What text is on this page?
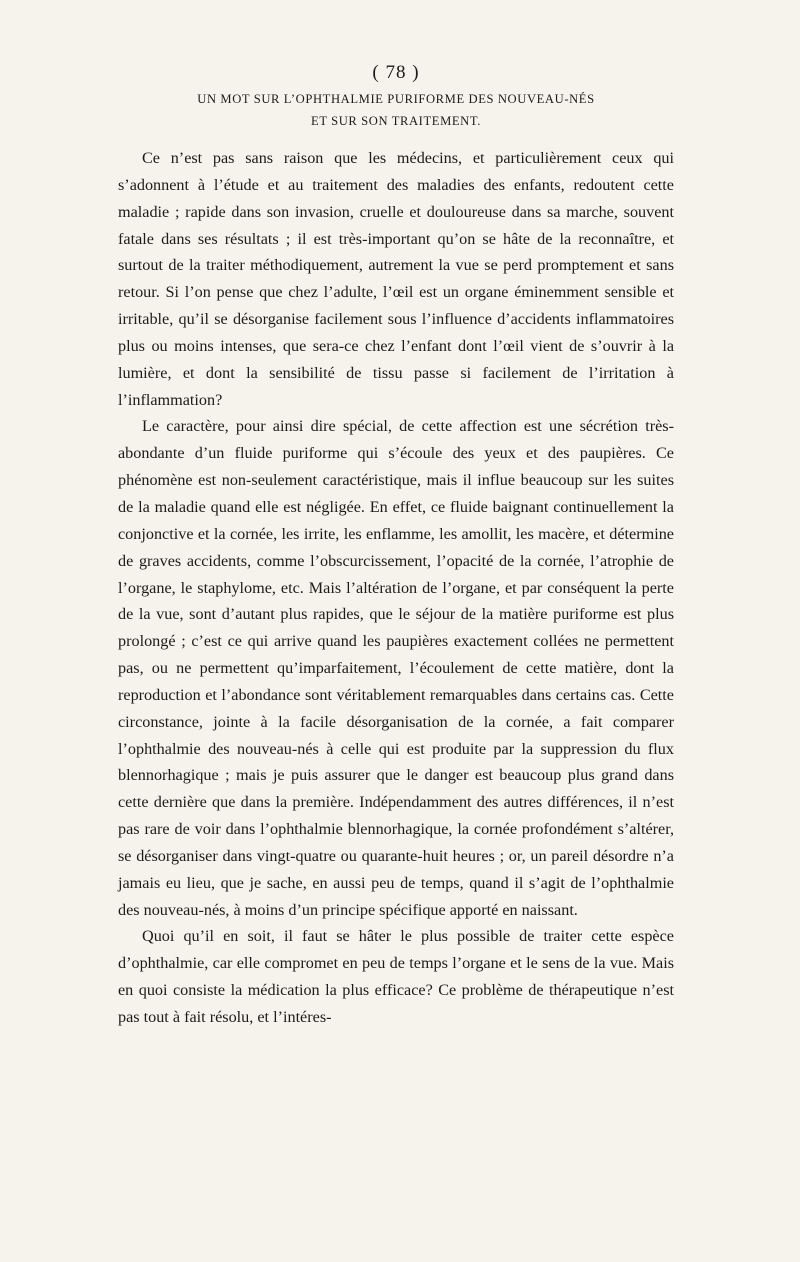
( 78 )
UN MOT SUR L’OPHTHALMIE PURIFORME DES NOUVEAU-NÉS
ET SUR SON TRAITEMENT.

Ce n’est pas sans raison que les médecins, et particulièrement ceux qui s’adonnent à l’étude et au traitement des maladies des enfants, redoutent cette maladie ; rapide dans son invasion, cruelle et douloureuse dans sa marche, souvent fatale dans ses résultats ; il est très-important qu’on se hâte de la reconnaître, et surtout de la traiter méthodiquement, autrement la vue se perd promptement et sans retour. Si l’on pense que chez l’adulte, l’œil est un organe éminemment sensible et irritable, qu’il se désorganise facilement sous l’influence d’accidents inflammatoires plus ou moins intenses, que sera-ce chez l’enfant dont l’œil vient de s’ouvrir à la lumière, et dont la sensibilité de tissu passe si facilement de l’irritation à l’inflammation?

Le caractère, pour ainsi dire spécial, de cette affection est une sécrétion très-abondante d’un fluide puriforme qui s’écoule des yeux et des paupières. Ce phénomène est non-seulement caractéristique, mais il influe beaucoup sur les suites de la maladie quand elle est négligée. En effet, ce fluide baignant continuellement la conjonctive et la cornée, les irrite, les enflamme, les amollit, les macère, et détermine de graves accidents, comme l’obscurcissement, l’opacité de la cornée, l’atrophie de l’organe, le staphylome, etc. Mais l’altération de l’organe, et par conséquent la perte de la vue, sont d’autant plus rapides, que le séjour de la matière puriforme est plus prolongé ; c’est ce qui arrive quand les paupières exactement collées ne permettent pas, ou ne permettent qu’imparfaitement, l’écoulement de cette matière, dont la reproduction et l’abondance sont véritablement remarquables dans certains cas. Cette circonstance, jointe à la facile désorganisation de la cornée, a fait comparer l’ophthalmie des nouveau-nés à celle qui est produite par la suppression du flux blennorhagique ; mais je puis assurer que le danger est beaucoup plus grand dans cette dernière que dans la première. Indépendamment des autres différences, il n’est pas rare de voir dans l’ophthalmie blennorhagique, la cornée profondément s’altérer, se désorganiser dans vingt-quatre ou quarante-huit heures ; or, un pareil désordre n’a jamais eu lieu, que je sache, en aussi peu de temps, quand il s’agit de l’ophthalmie des nouveau-nés, à moins d’un principe spécifique apporté en naissant.

Quoi qu’il en soit, il faut se hâter le plus possible de traiter cette espèce d’ophthalmie, car elle compromet en peu de temps l’organe et le sens de la vue. Mais en quoi consiste la médication la plus efficace? Ce problème de thérapeutique n’est pas tout à fait résolu, et l’intéres-
